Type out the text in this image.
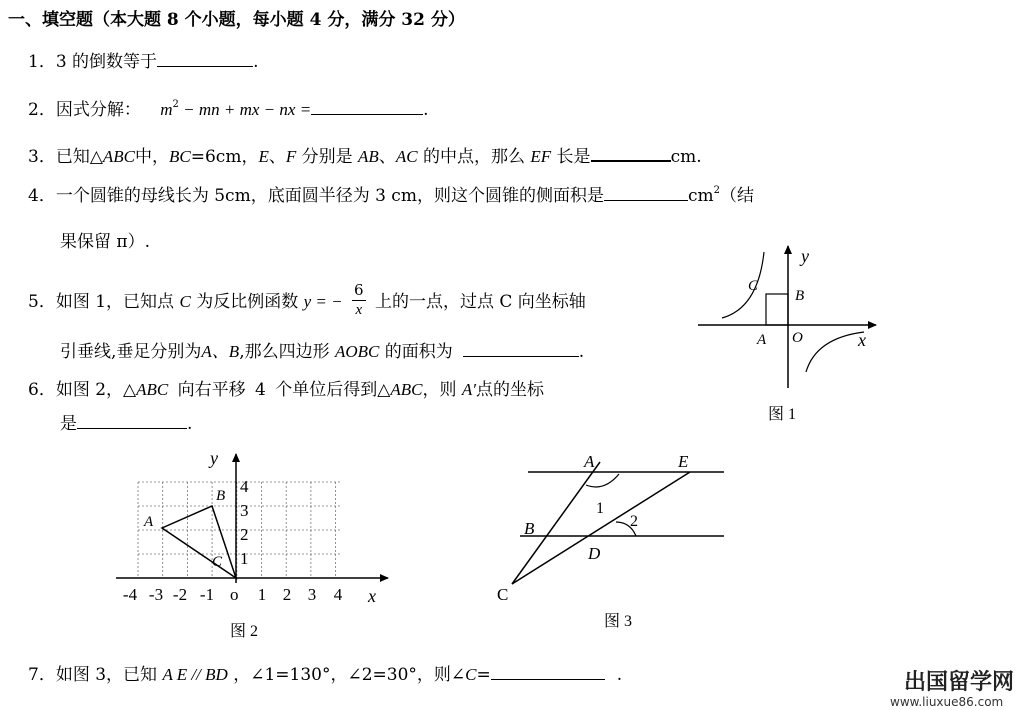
一、填空题（本大题 8 个小题，每小题 4 分，满分 32 分）
1．3 的倒数等于	.
2．因式分解： $m^2$ − mn + mx − nx =	.
3．已知△ABC中，BC=6cm，E、F 分别是 AB、AC 的中点，那么 EF 长是	cm.
4．一个圆锥的母线长为 5cm，底面圆半径为 3 cm，则这个圆锥的侧面积是	$cm^2$（结
果保留 π）.
5．如图 1，已知点 C 为反比例函数 y = − $\frac{6}{x}$ 上的一点，过点 C 向坐标轴
引垂线,垂足分别为A、B,那么四边形 AOBC 的面积为	.
6．如图 2，△ABC 向右平移 4 个单位后得到△ABC，则 A′点的坐标
是	.
7．如图 3，已知 A E // BD ，∠1=130°，∠2=30°，则∠C=	.
y
x
O
A
B
C
图 1
A
B
C
y
x
o
-4 -3 -2 -1	1 2 3 4
1
2
3
4
图 2
A	E
B
D
C
1
2
图 3
出国留学网
www.liuxue86.com
